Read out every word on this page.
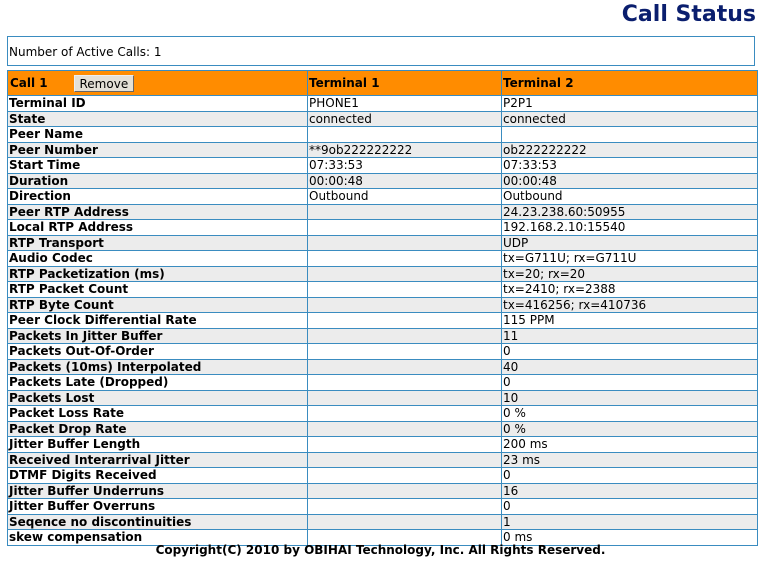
Call Status
Number of Active Calls: 1
Call 1 Remove	Terminal 1	Terminal 2
Terminal ID	PHONE1	P2P1
State	connected	connected
Peer Name		
Peer Number	**9ob222222222	ob222222222
Start Time	07:33:53	07:33:53
Duration	00:00:48	00:00:48
Direction	Outbound	Outbound
Peer RTP Address		24.23.238.60:50955
Local RTP Address		192.168.2.10:15540
RTP Transport		UDP
Audio Codec		tx=G711U; rx=G711U
RTP Packetization (ms)		tx=20; rx=20
RTP Packet Count		tx=2410; rx=2388
RTP Byte Count		tx=416256; rx=410736
Peer Clock Differential Rate		115 PPM
Packets In Jitter Buffer		11
Packets Out-Of-Order		0
Packets (10ms) Interpolated		40
Packets Late (Dropped)		0
Packets Lost		10
Packet Loss Rate		0 %
Packet Drop Rate		0 %
Jitter Buffer Length		200 ms
Received Interarrival Jitter		23 ms
DTMF Digits Received		0
Jitter Buffer Underruns		16
Jitter Buffer Overruns		0
Seqence no discontinuities		1
skew compensation		0 ms
Copyright(C) 2010 by OBIHAI Technology, Inc. All Rights Reserved.
